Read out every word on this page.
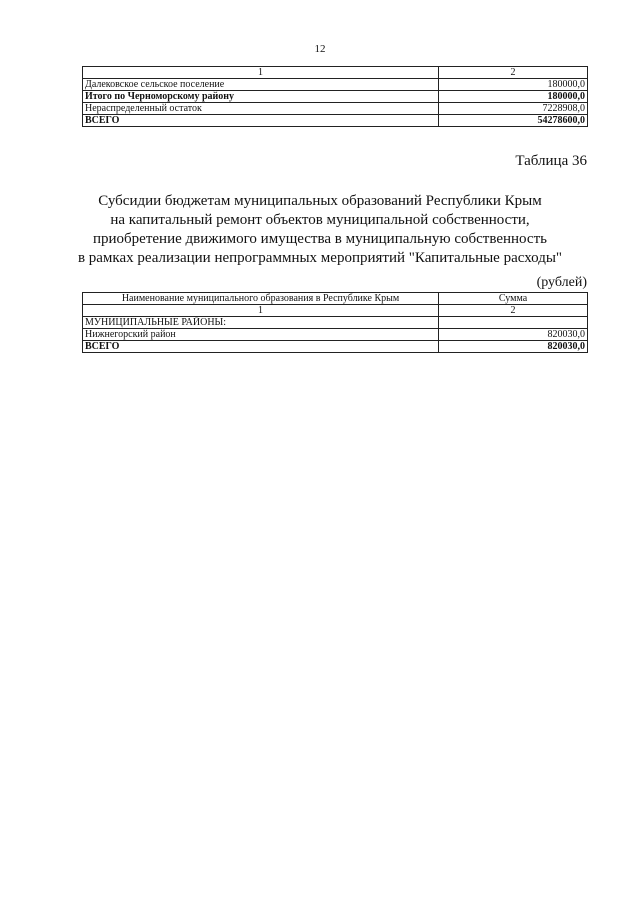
12
1	2
Далековское сельское поселение	180000,0
Итого по Черноморскому району	180000,0
Нераспределенный остаток	7228908,0
ВСЕГО	54278600,0
Таблица 36
Субсидии бюджетам муниципальных образований Республики Крым
на капитальный ремонт объектов муниципальной собственности,
приобретение движимого имущества в муниципальную собственность
в рамках реализации непрограммных мероприятий "Капитальные расходы"
(рублей)
Наименование муниципального образования в Республике Крым	Сумма
1	2
МУНИЦИПАЛЬНЫЕ РАЙОНЫ:	
Нижнегорский район	820030,0
ВСЕГО	820030,0
